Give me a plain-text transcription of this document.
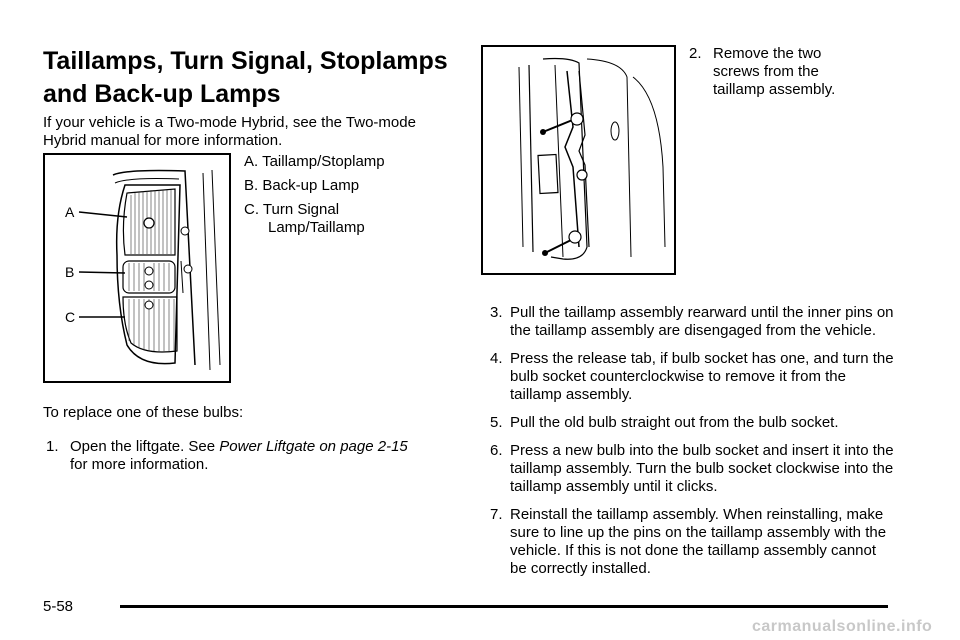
Taillamps, Turn Signal, Stoplamps and Back-up Lamps
If your vehicle is a Two-mode Hybrid, see the Two-mode Hybrid manual for more information.
A
B
C
A. Taillamp/Stoplamp
B. Back-up Lamp
C. Turn Signal
Lamp/Taillamp
To replace one of these bulbs:
1. Open the liftgate. See Power Liftgate on page 2-15
for more information.
2. Remove the two
screws from the
taillamp assembly.
3. Pull the taillamp assembly rearward until the inner pins on the taillamp assembly are disengaged from the vehicle.
4. Press the release tab, if bulb socket has one, and turn the bulb socket counterclockwise to remove it from the taillamp assembly.
5. Pull the old bulb straight out from the bulb socket.
6. Press a new bulb into the bulb socket and insert it into the taillamp assembly. Turn the bulb socket clockwise into the taillamp assembly until it clicks.
7. Reinstall the taillamp assembly. When reinstalling, make sure to line up the pins on the taillamp assembly with the vehicle. If this is not done the taillamp assembly cannot be correctly installed.
5-58
carmanualsonline.info
